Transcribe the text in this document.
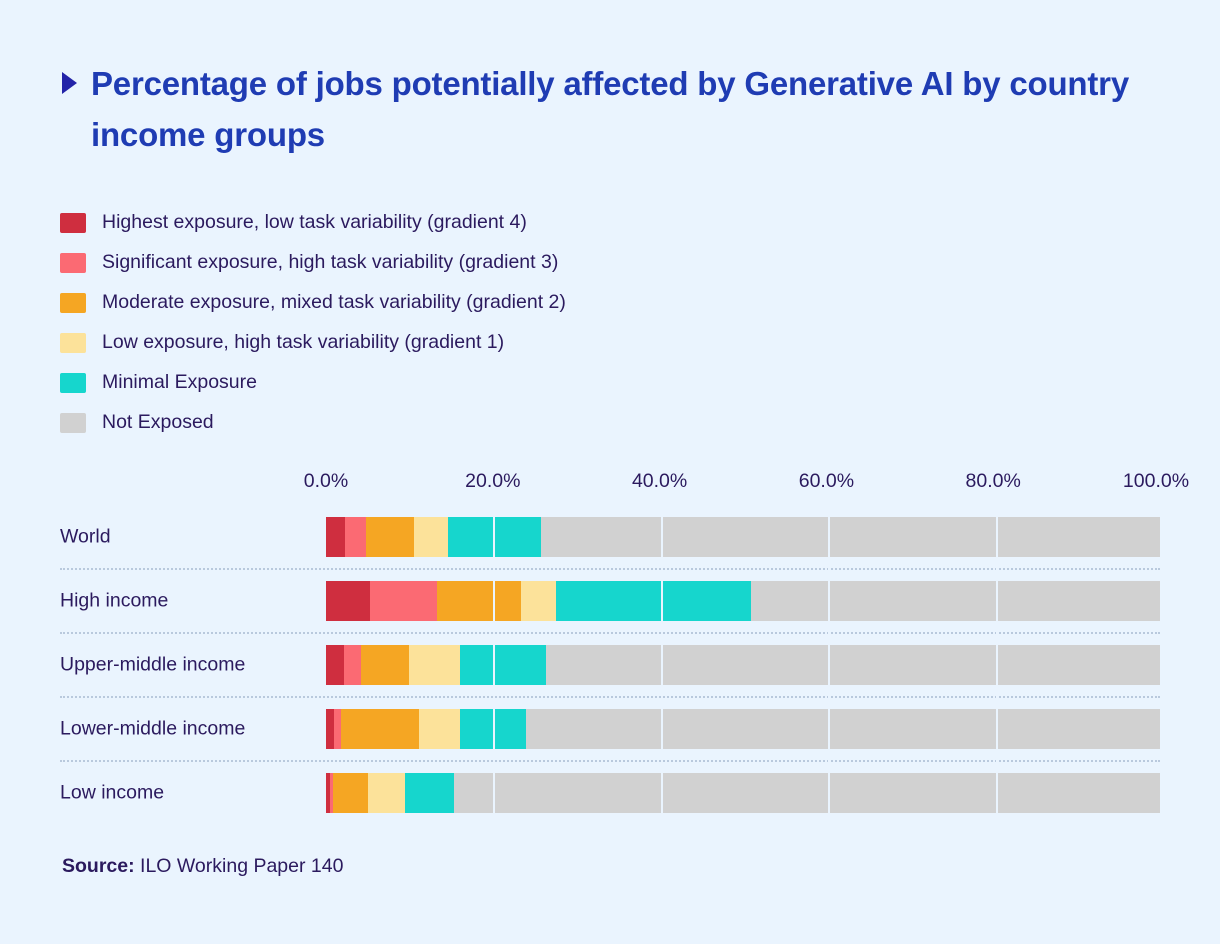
Percentage of jobs potentially affected by Generative AI by country income groups
Highest exposure, low task variability (gradient 4)
Significant exposure, high task variability (gradient 3)
Moderate exposure, mixed task variability (gradient 2)
Low exposure, high task variability (gradient 1)
Minimal Exposure
Not Exposed
0.0%	20.0%	40.0%	60.0%	80.0%	100.0%
World
High income
Upper-middle income
Lower-middle income
Low income
Source: ILO Working Paper 140
